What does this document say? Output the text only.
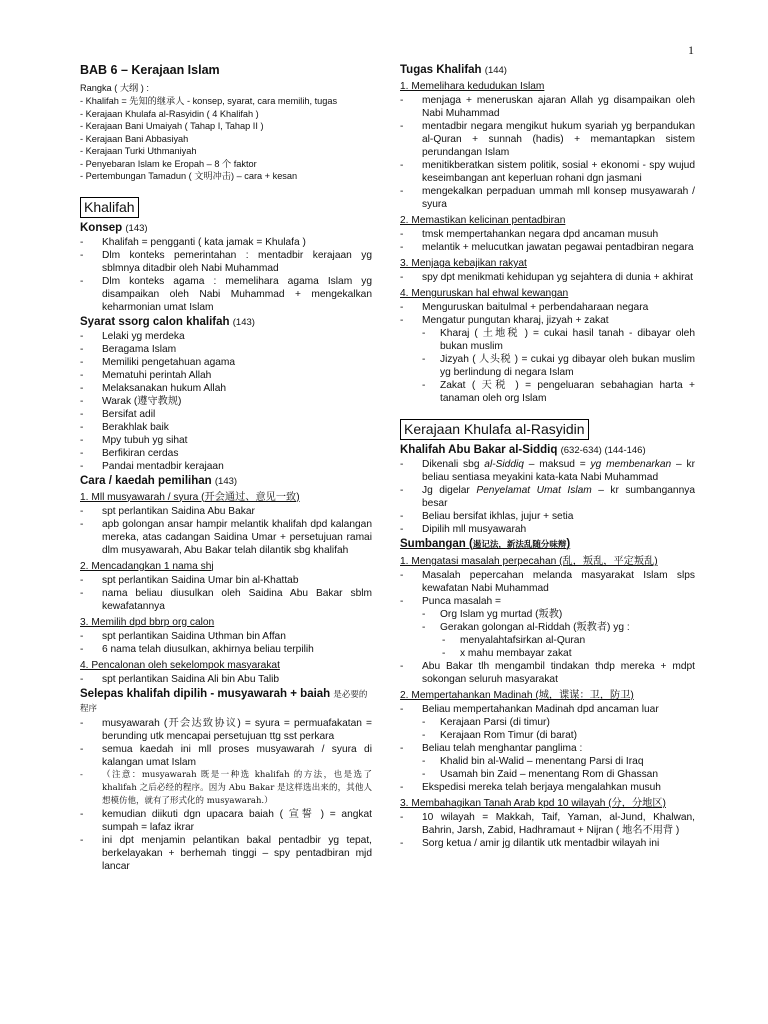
1
BAB 6 – Kerajaan Islam
Rangka ( 大纲 ) :
- Khalifah = 先知的继承人 - konsep, syarat, cara memilih, tugas
- Kerajaan Khulafa al-Rasyidin ( 4 Khalifah )
- Kerajaan Bani Umaiyah ( Tahap I, Tahap II )
- Kerajaan Bani Abbasiyah
- Kerajaan Turki Uthmaniyah
- Penyebaran Islam ke Eropah – 8 个 faktor
- Pertembungan Tamadun ( 文明冲击) – cara + kesan
Khalifah
Konsep (143)
- Khalifah = pengganti ( kata jamak = Khulafa )
- Dlm konteks pemerintahan : mentadbir kerajaan yg sblmnya ditadbir oleh Nabi Muhammad
- Dlm konteks agama : memelihara agama Islam yg disampaikan oleh Nabi Muhammad + mengekalkan keharmonian umat Islam
Syarat ssorg calon khalifah (143)
- Lelaki yg merdeka
- Beragama Islam
- Memiliki pengetahuan agama
- Mematuhi perintah Allah
- Melaksanakan hukum Allah
- Warak (遵守教规)
- Bersifat adil
- Berakhlak baik
- Mpy tubuh yg sihat
- Berfikiran cerdas
- Pandai mentadbir kerajaan
Cara / kaedah pemilihan (143)
1. Mll musyawarah / syura (开会通过、意见一致)
- spt perlantikan Saidina Abu Bakar
- apb golongan ansar hampir melantik khalifah dpd kalangan mereka, atas cadangan Saidina Umar + persetujuan ramai dlm musyawarah, Abu Bakar telah dilantik sbg khalifah
2. Mencadangkan 1 nama shj
- spt perlantikan Saidina Umar bin al-Khattab
- nama beliau diusulkan oleh Saidina Abu Bakar sblm kewafatannya
3. Memilih dpd bbrp org calon
- spt perlantikan Saidina Uthman bin Affan
- 6 nama telah diusulkan, akhirnya beliau terpilih
4. Pencalonan oleh sekelompok masyarakat
- spt perlantikan Saidina Ali bin Abu Talib
Selepas khalifah dipilih - musyawarah + baiah 是必要的程序
- musyawarah (开会达致协议) = syura = permuafakatan = berunding utk mencapai persetujuan ttg sst perkara
- semua kaedah ini mll proses musyawarah / syura di kalangan umat Islam
- （注意：musyawarah 既是一种选 khalifah 的方法，也是选了 khalifah 之后必经的程序。因为 Abu Bakar 是这样选出来的，其他人想模仿他，就有了形式化的 musyawarah.）
- kemudian diikuti dgn upacara baiah ( 宣誓 ) = angkat sumpah = lafaz ikrar
- ini dpt menjamin pelantikan bakal pentadbir yg tepat, berkelayakan + berhemah tinggi – spy pentadbiran mjd lancar
Tugas Khalifah (144)
1. Memelihara kedudukan Islam
- menjaga + meneruskan ajaran Allah yg disampaikan oleh Nabi Muhammad
- mentadbir negara mengikut hukum syariah yg berpandukan al-Quran + sunnah (hadis) + memantapkan sistem perundangan Islam
- menitikberatkan sistem politik, sosial + ekonomi - spy wujud keseimbangan ant keperluan rohani dgn jasmani
- mengekalkan perpaduan ummah mll konsep musyawarah / syura
2. Memastikan kelicinan pentadbiran
- tmsk mempertahankan negara dpd ancaman musuh
- melantik + melucutkan jawatan pegawai pentadbiran negara
3. Menjaga kebajikan rakyat
- spy dpt menikmati kehidupan yg sejahtera di dunia + akhirat
4. Menguruskan hal ehwal kewangan
- Menguruskan baitulmal + perbendaharaan negara
- Mengatur pungutan kharaj, jizyah + zakat
- Kharaj ( 土地税 ) = cukai hasil tanah - dibayar oleh bukan muslim
- Jizyah ( 人头税 ) = cukai yg dibayar oleh bukan muslim yg berlindung di negara Islam
- Zakat ( 天税 ) = pengeluaran sebahagian harta + tanaman oleh org Islam
Kerajaan Khulafa al-Rasyidin
Khalifah Abu Bakar al-Siddiq (632-634) (144-146)
- Dikenali sbg al-Siddiq – maksud = yg membenarkan – kr beliau sentiasa meyakini kata-kata Nabi Muhammad
- Jg digelar Penyelamat Umat Islam – kr sumbangannya besar
- Beliau bersifat ikhlas, jujur + setia
- Dipilih mll musyawarah
Sumbangan (遏记法，新法乱随分味辩)
1. Mengatasi masalah perpecahan (乱，叛乱，平定叛乱)
- Masalah pepercahan melanda masyarakat Islam slps kewafatan Nabi Muhammad
- Punca masalah =
- Org Islam yg murtad (叛教)
- Gerakan golongan al-Riddah (叛教者) yg :
- menyalahtafsirkan al-Quran
- x mahu membayar zakat
- Abu Bakar tlh mengambil tindakan thdp mereka + mdpt sokongan seluruh masyarakat
2. Mempertahankan Madinah (城，谍谋：卫，防卫)
- Beliau mempertahankan Madinah dpd ancaman luar
- Kerajaan Parsi (di timur)
- Kerajaan Rom Timur (di barat)
- Beliau telah menghantar panglima :
- Khalid bin al-Walid – menentang Parsi di Iraq
- Usamah bin Zaid – menentang Rom di Ghassan
- Ekspedisi mereka telah berjaya mengalahkan musuh
3. Membahagikan Tanah Arab kpd 10 wilayah (分，分地区)
- 10 wilayah = Makkah, Taif, Yaman, al-Jund, Khalwan, Bahrin, Jarsh, Zabid, Hadhramaut + Nijran ( 地名不用背 )
- Sorg ketua / amir jg dilantik utk mentadbir wilayah ini
